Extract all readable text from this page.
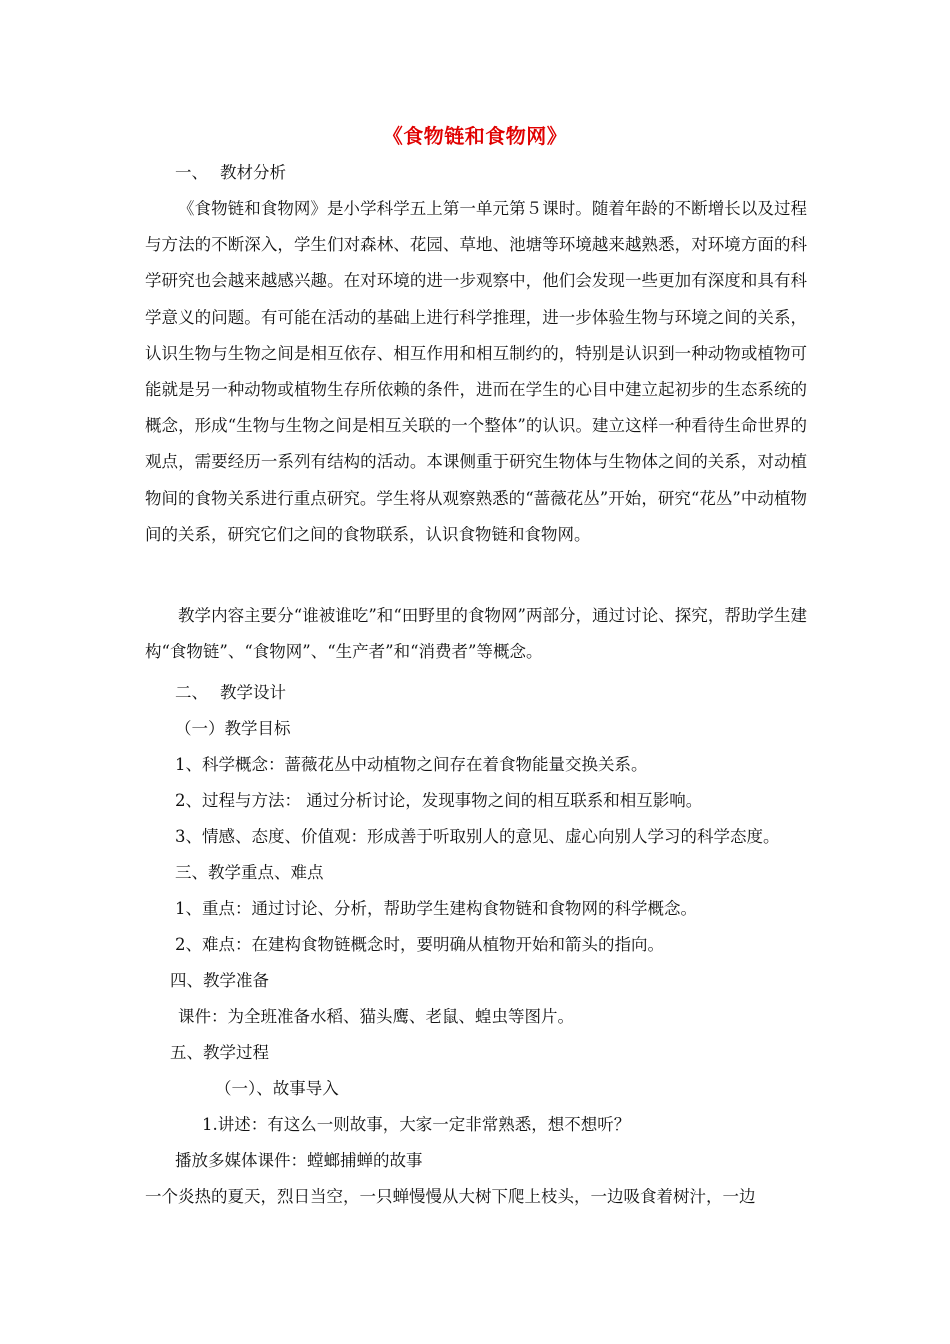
《食物链和食物网》
一、 教材分析
《食物链和食物网》是小学科学五上第一单元第５课时。随着年龄的不断增长以及过程与方法的不断深入，学生们对森林、花园、草地、池塘等环境越来越熟悉，对环境方面的科学研究也会越来越感兴趣。在对环境的进一步观察中，他们会发现一些更加有深度和具有科学意义的问题。有可能在活动的基础上进行科学推理，进一步体验生物与环境之间的关系，认识生物与生物之间是相互依存、相互作用和相互制约的，特别是认识到一种动物或植物可能就是另一种动物或植物生存所依赖的条件，进而在学生的心目中建立起初步的生态系统的概念，形成“生物与生物之间是相互关联的一个整体”的认识。建立这样一种看待生命世界的观点，需要经历一系列有结构的活动。本课侧重于研究生物体与生物体之间的关系，对动植物间的食物关系进行重点研究。学生将从观察熟悉的“蔷薇花丛”开始，研究“花丛”中动植物间的关系，研究它们之间的食物联系，认识食物链和食物网。
教学内容主要分“谁被谁吃”和“田野里的食物网”两部分，通过讨论、探究，帮助学生建构“食物链”、“食物网”、“生产者”和“消费者”等概念。
二、 教学设计
（一）教学目标
1、科学概念：蔷薇花丛中动植物之间存在着食物能量交换关系。
2、过程与方法： 通过分析讨论，发现事物之间的相互联系和相互影响。
3、情感、态度、价值观：形成善于听取别人的意见、虚心向别人学习的科学态度。
三、教学重点、难点
1、重点：通过讨论、分析，帮助学生建构食物链和食物网的科学概念。
2、难点：在建构食物链概念时，要明确从植物开始和箭头的指向。
四、教学准备
课件：为全班准备水稻、猫头鹰、老鼠、蝗虫等图片。
五、教学过程
（一）、故事导入
1.讲述：有这么一则故事，大家一定非常熟悉，想不想听？
播放多媒体课件：螳螂捕蝉的故事
一个炎热的夏天，烈日当空，一只蝉慢慢从大树下爬上枝头，一边吸食着树汁，一边
